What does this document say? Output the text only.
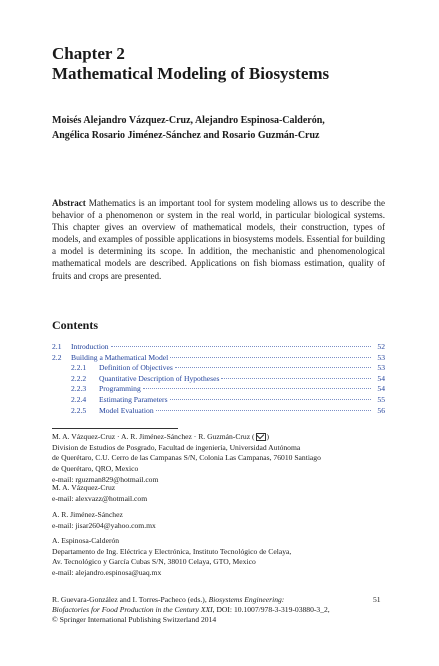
Chapter 2
Mathematical Modeling of Biosystems
Moisés Alejandro Vázquez-Cruz, Alejandro Espinosa-Calderón,
Angélica Rosario Jiménez-Sánchez and Rosario Guzmán-Cruz
Abstract Mathematics is an important tool for system modeling allows us to describe the behavior of a phenomenon or system in the real world, in particular biological systems. This chapter gives an overview of mathematical models, their construction, types of models, and examples of possible applications in biosystems models. Essential for building a model is determining its scope. In addition, the mechanistic and phenomenological mathematical models are described. Applications on fish biomass estimation, quality of fruits and crops are presented.
Contents
2.1	Introduction	52
2.2	Building a Mathematical Model	53
2.2.1	Definition of Objectives	53
2.2.2	Quantitative Description of Hypotheses	54
2.2.3	Programming	54
2.2.4	Estimating Parameters	55
2.2.5	Model Evaluation	56
M. A. Vázquez-Cruz · A. R. Jiménez-Sánchez · R. Guzmán-Cruz ( )
Division de Estudios de Posgrado, Facultad de ingeniería, Universidad Autónoma
de Querétaro, C.U. Cerro de las Campanas S/N, Colonia Las Campanas, 76010 Santiago
de Querétaro, QRO, Mexico
e-mail: rguzman829@hotmail.com
M. A. Vázquez-Cruz
e-mail: alexvazz@hotmail.com
A. R. Jiménez-Sánchez
e-mail: jisar2604@yahoo.com.mx
A. Espinosa-Calderón
Departamento de Ing. Eléctrica y Electrónica, Instituto Tecnológico de Celaya,
Av. Tecnológico y García Cubas S/N, 38010 Celaya, GTO, Mexico
e-mail: alejandro.espinosa@uaq.mx
R. Guevara-González and I. Torres-Pacheco (eds.), Biosystems Engineering:
Biofactories for Food Production in the Century XXI, DOI: 10.1007/978-3-319-03880-3_2,
© Springer International Publishing Switzerland 2014
51
